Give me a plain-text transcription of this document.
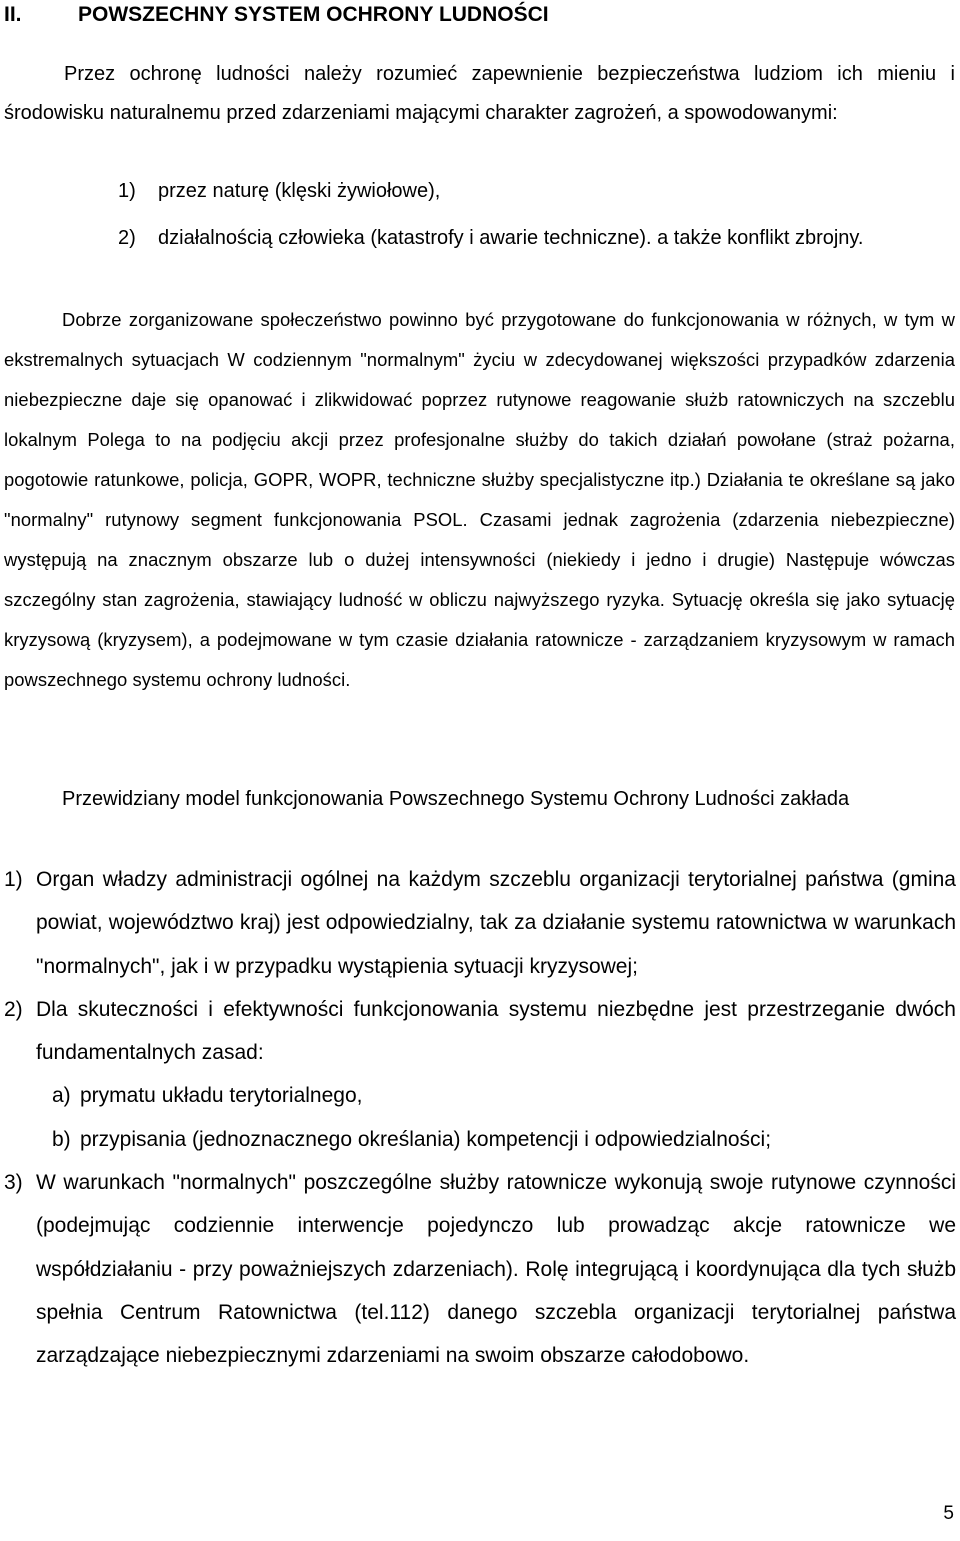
II.	POWSZECHNY SYSTEM OCHRONY LUDNOŚCI
Przez ochronę ludności należy rozumieć zapewnienie bezpieczeństwa ludziom ich mieniu i środowisku naturalnemu przed zdarzeniami mającymi charakter zagrożeń, a spowodowanymi:
1)	przez naturę (klęski żywiołowe),
2)	działalnością człowieka (katastrofy i awarie techniczne). a także konflikt zbrojny.
Dobrze zorganizowane społeczeństwo powinno być przygotowane do funkcjonowania w różnych, w tym w ekstremalnych sytuacjach W codziennym "normalnym" życiu w zdecydowanej większości przypadków zdarzenia niebezpieczne daje się opanować i zlikwidować poprzez rutynowe reagowanie służb ratowniczych na szczeblu lokalnym Polega to na podjęciu akcji przez profesjonalne służby do takich działań powołane (straż pożarna, pogotowie ratunkowe, policja, GOPR, WOPR, techniczne służby specjalistyczne itp.) Działania te określane są jako "normalny" rutynowy segment funkcjonowania PSOL. Czasami jednak zagrożenia (zdarzenia niebezpieczne) występują na znacznym obszarze lub o dużej intensywności (niekiedy i jedno i drugie) Następuje wówczas szczególny stan zagrożenia, stawiający ludność w obliczu najwyższego ryzyka. Sytuację określa się jako sytuację kryzysową (kryzysem), a podejmowane w tym czasie działania ratownicze - zarządzaniem kryzysowym w ramach powszechnego systemu ochrony ludności.
Przewidziany model funkcjonowania Powszechnego Systemu Ochrony Ludności zakłada
1) Organ władzy administracji ogólnej na każdym szczeblu organizacji terytorialnej państwa (gmina powiat, województwo kraj) jest odpowiedzialny, tak za działanie systemu ratownictwa w warunkach "normalnych", jak i w przypadku wystąpienia sytuacji kryzysowej;
2) Dla skuteczności i efektywności funkcjonowania systemu niezbędne jest przestrzeganie dwóch fundamentalnych zasad:
a) prymatu układu terytorialnego,
b) przypisania (jednoznacznego określania) kompetencji i odpowiedzialności;
3) W warunkach "normalnych" poszczególne służby ratownicze wykonują swoje rutynowe czynności (podejmując codziennie interwencje pojedynczo lub prowadząc akcje ratownicze we współdziałaniu - przy poważniejszych zdarzeniach). Rolę integrującą i koordynująca dla tych służb spełnia Centrum Ratownictwa (tel.112) danego szczebla organizacji terytorialnej państwa zarządzające niebezpiecznymi zdarzeniami na swoim obszarze całodobowo.
5
